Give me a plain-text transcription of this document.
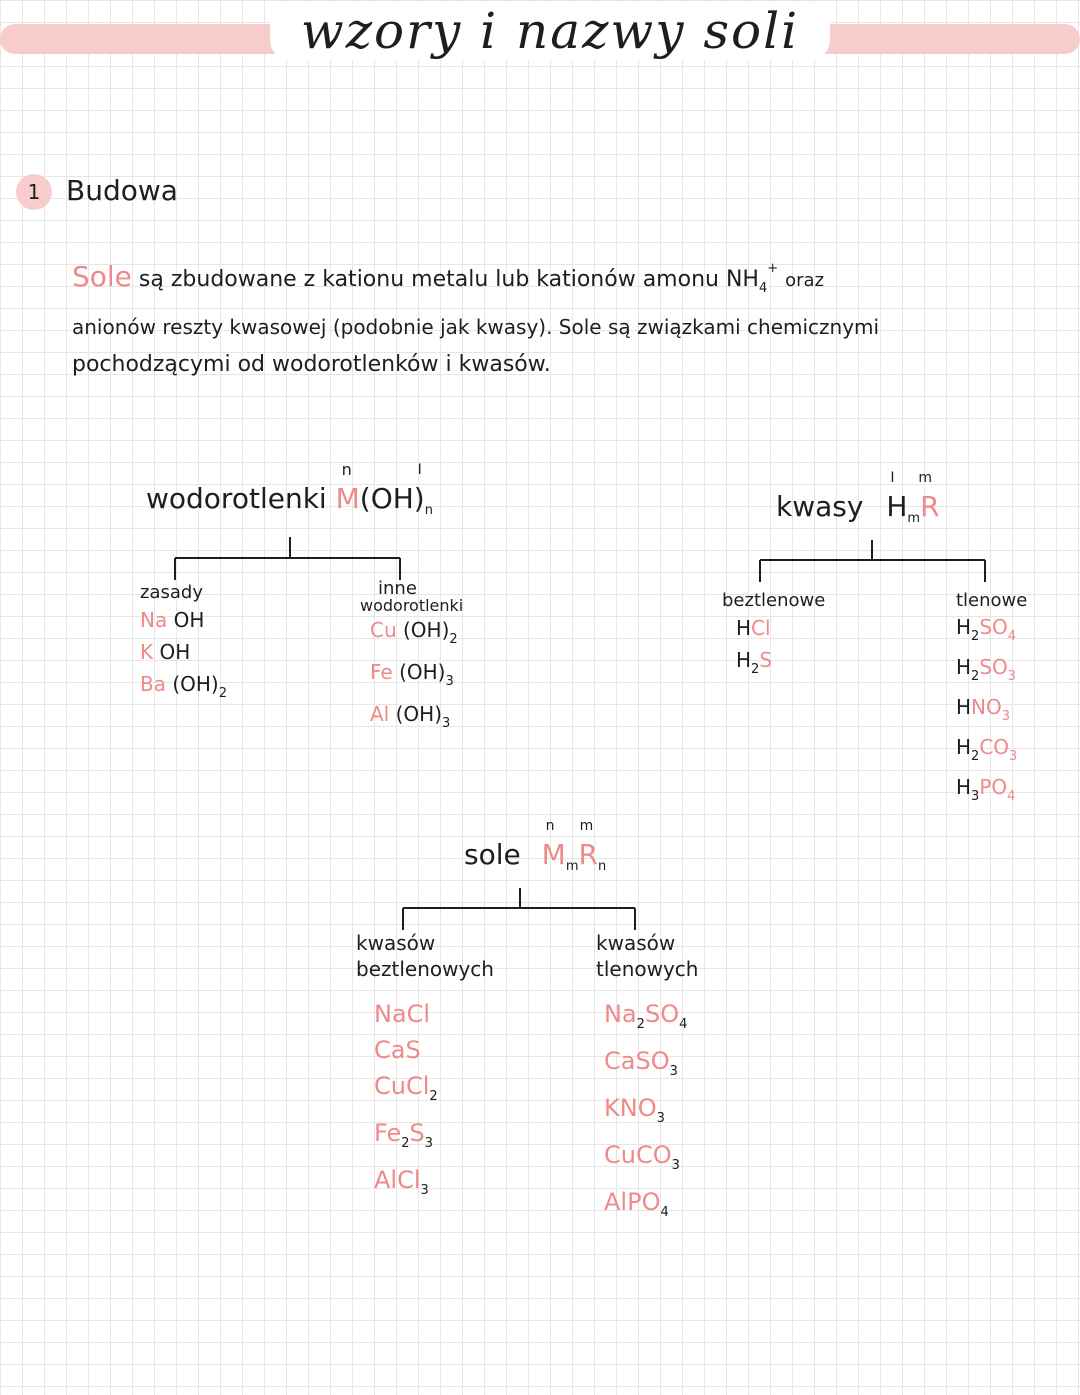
wzory i nazwy soli
1 Budowa
Sole są zbudowane z kationu metalu lub kationów amonu $NH_4^+$ oraz
anionów reszty kwasowej (podobnie jak kwasy). Sole są związkami chemicznymi
pochodzącymi od wodorotlenków i kwasów.
wodorotlenki
n	I
$M(OH)_n$
zasady
Na OH
K OH
Ba $(OH)_2$
inne
wodorotlenki
Cu $(OH)_2$
Fe $(OH)_3$
Al $(OH)_3$
kwasy
I m
$H_mR$
beztlenowe
HCl
$H_2S$
tlenowe
$H_2SO_4$
$H_2SO_3$
$HNO_3$
$H_2CO_3$
$H_3PO_4$
sole
n m
$M_mR_n$
kwasów
beztlenowych
NaCl
CaS
CuCl$_2$
$Fe_2S_3$
AlCl$_3$
kwasów
tlenowych
$Na_2SO_4$
CaSO$_3$
$KNO_3$
CuCO$_3$
AlPO$_4$
